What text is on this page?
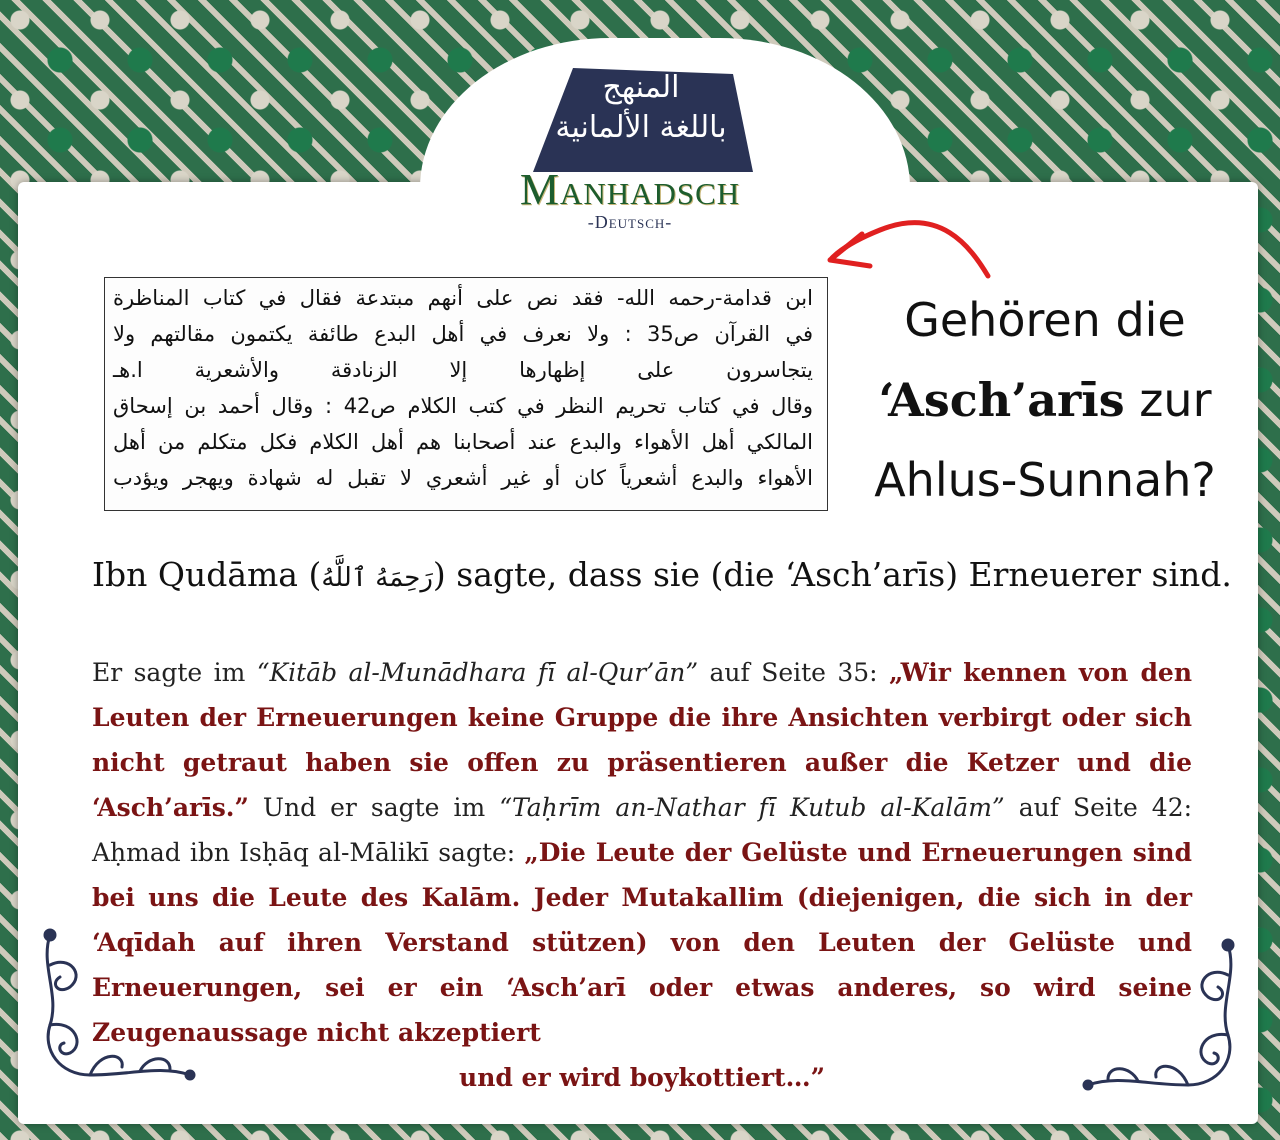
المنهج
باللغة الألمانية
Manhadsch
-Deutsch-
ابن قدامة-رحمه الله- فقد نص على أنهم مبتدعة فقال في كتاب المناظرة
في القرآن ص35 : ولا نعرف في أهل البدع طائفة يكتمون مقالتهم ولا
يتجاسرون على إظهارها إلا الزنادقة والأشعرية ا.هـ
وقال في كتاب تحريم النظر في كتب الكلام ص42 : وقال أحمد بن إسحاق
المالكي أهل الأهواء والبدع عند أصحابنا هم أهل الكلام فكل متكلم من أهل
الأهواء والبدع أشعرياً كان أو غير أشعري لا تقبل له شهادة ويهجر ويؤدب
Gehören die
‘Asch’arīs zur
Ahlus-Sunnah?
Ibn Qudāma (رَحِمَهُ ٱللَّهُ) sagte, dass sie (die ‘Asch’arīs) Erneuerer sind.
Er sagte im “Kitāb al-Munādhara fī al-Qur’ān” auf Seite 35: „Wir kennen von den Leuten der Erneuerungen keine Gruppe die ihre Ansichten verbirgt oder sich nicht getraut haben sie offen zu präsentieren außer die Ketzer und die ‘Asch’arīs.” Und er sagte im “Taḥrīm an-Nathar fī Kutub al-Kalām” auf Seite 42: Aḥmad ibn Isḥāq al-Mālikī sagte: „Die Leute der Gelüste und Erneuerungen sind bei uns die Leute des Kalām. Jeder Mutakallim (diejenigen, die sich in der ‘Aqīdah auf ihren Verstand stützen) von den Leuten der Gelüste und Erneuerungen, sei er ein ‘Asch’arī oder etwas anderes, so wird seine Zeugenaussage nicht akzeptiert
und er wird boykottiert…”
